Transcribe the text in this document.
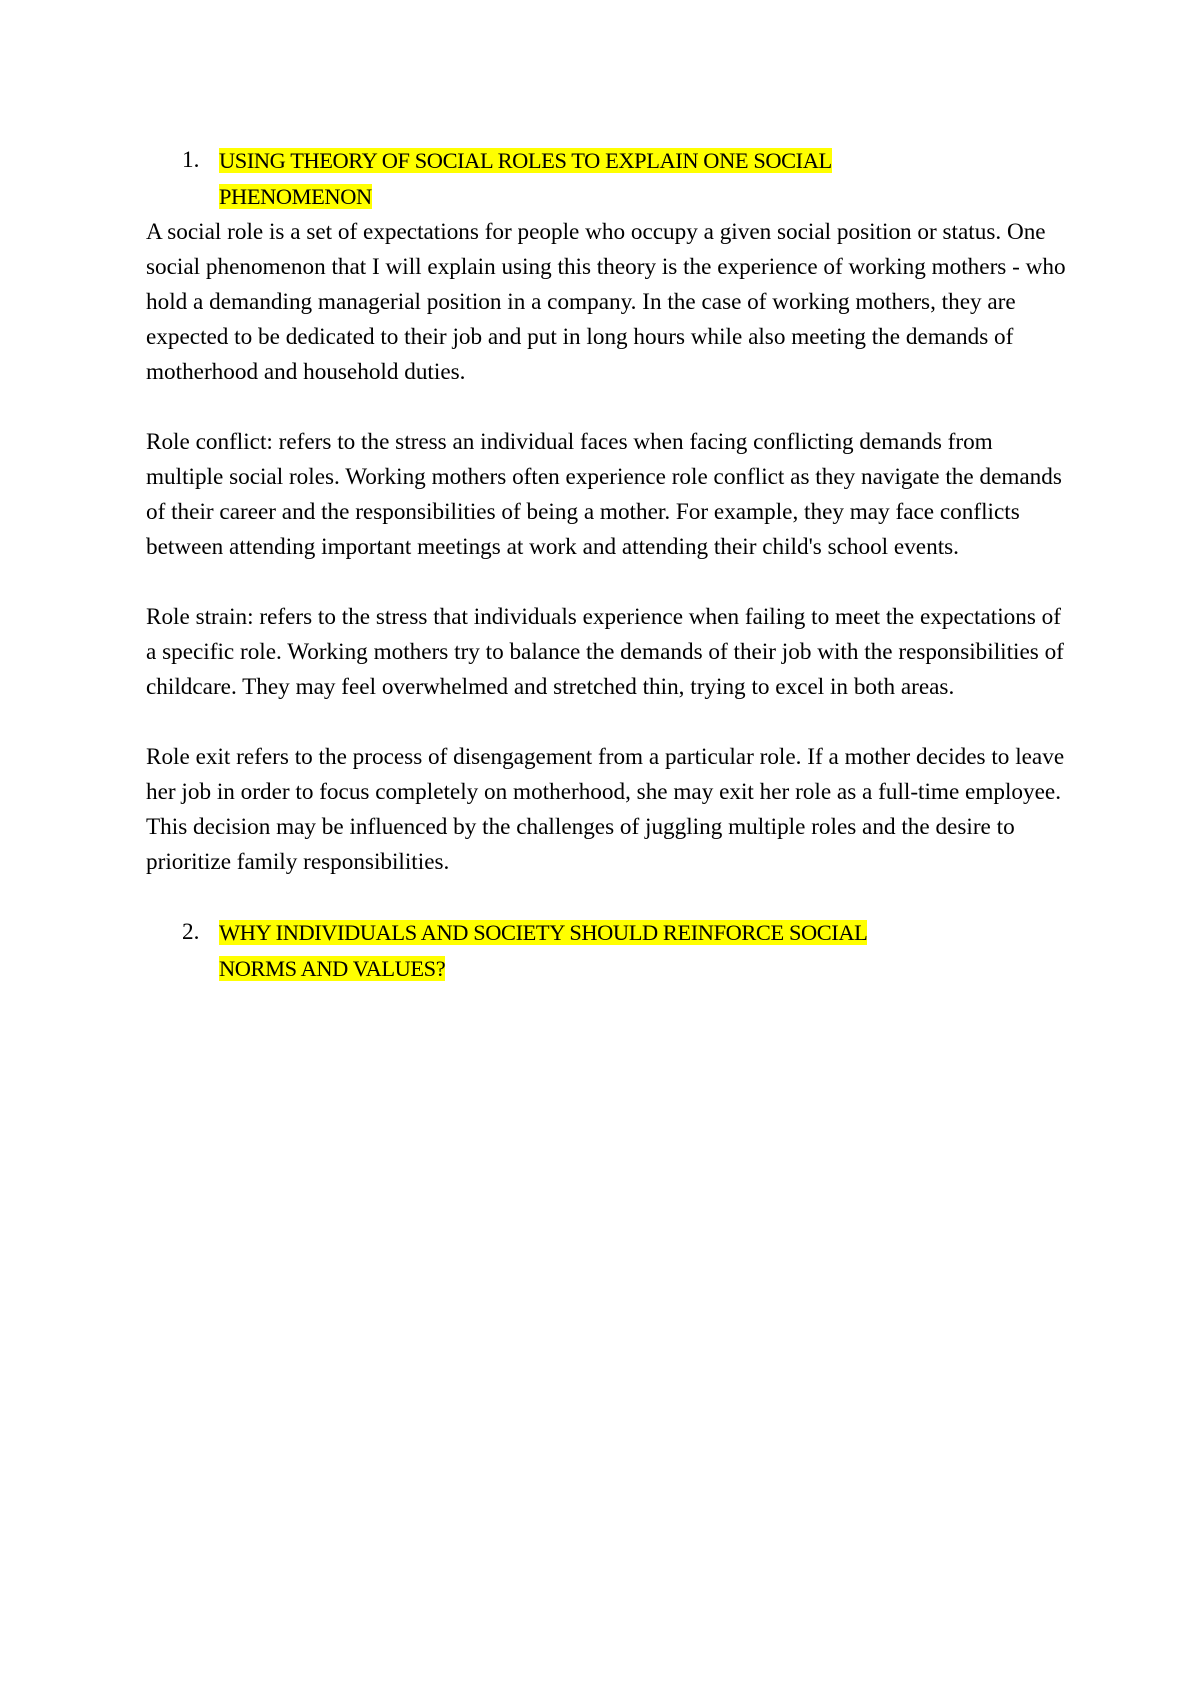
1. USING THEORY OF SOCIAL ROLES TO EXPLAIN ONE SOCIAL
PHENOMENON

A social role is a set of expectations for people who occupy a given social position or status. One social phenomenon that I will explain using this theory is the experience of working mothers - who hold a demanding managerial position in a company. In the case of working mothers, they are expected to be dedicated to their job and put in long hours while also meeting the demands of motherhood and household duties.

Role conflict: refers to the stress an individual faces when facing conflicting demands from multiple social roles. Working mothers often experience role conflict as they navigate the demands of their career and the responsibilities of being a mother. For example, they may face conflicts between attending important meetings at work and attending their child's school events.

Role strain: refers to the stress that individuals experience when failing to meet the expectations of a specific role. Working mothers try to balance the demands of their job with the responsibilities of childcare. They may feel overwhelmed and stretched thin, trying to excel in both areas.

Role exit refers to the process of disengagement from a particular role. If a mother decides to leave her job in order to focus completely on motherhood, she may exit her role as a full-time employee. This decision may be influenced by the challenges of juggling multiple roles and the desire to prioritize family responsibilities.

2. WHY INDIVIDUALS AND SOCIETY SHOULD REINFORCE SOCIAL
NORMS AND VALUES?
